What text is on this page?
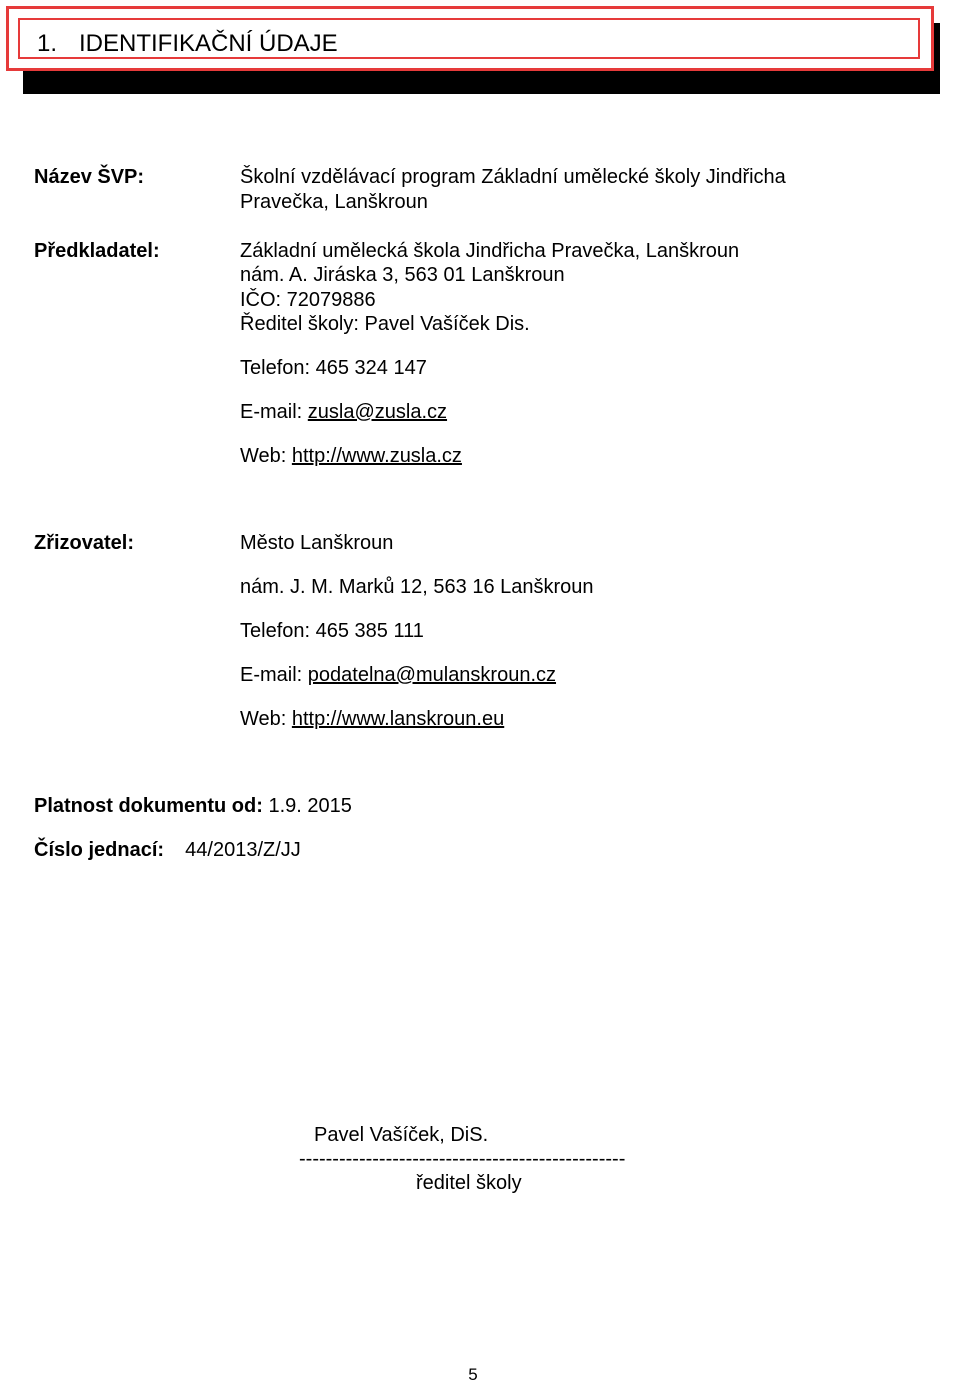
1. IDENTIFIKAČNÍ ÚDAJE
Název ŠVP:	Školní vzdělávací program Základní umělecké školy Jindřicha Pravečka, Lanškroun
Předkladatel:	Základní umělecká škola Jindřicha Pravečka, Lanškroun
nám. A. Jiráska 3, 563 01 Lanškroun
IČO: 72079886
Ředitel školy: Pavel Vašíček Dis.
Telefon: 465 324 147
E-mail: zusla@zusla.cz
Web: http://www.zusla.cz
Zřizovatel:	Město Lanškroun
nám. J. M. Marků 12, 563 16 Lanškroun
Telefon: 465 385 111
E-mail: podatelna@mulanskroun.cz
Web: http://www.lanskroun.eu
Platnost dokumentu od: 1.9. 2015
Číslo jednací: 44/2013/Z/JJ
Pavel Vašíček, DiS.
-------------------------------------------------
ředitel školy
5
